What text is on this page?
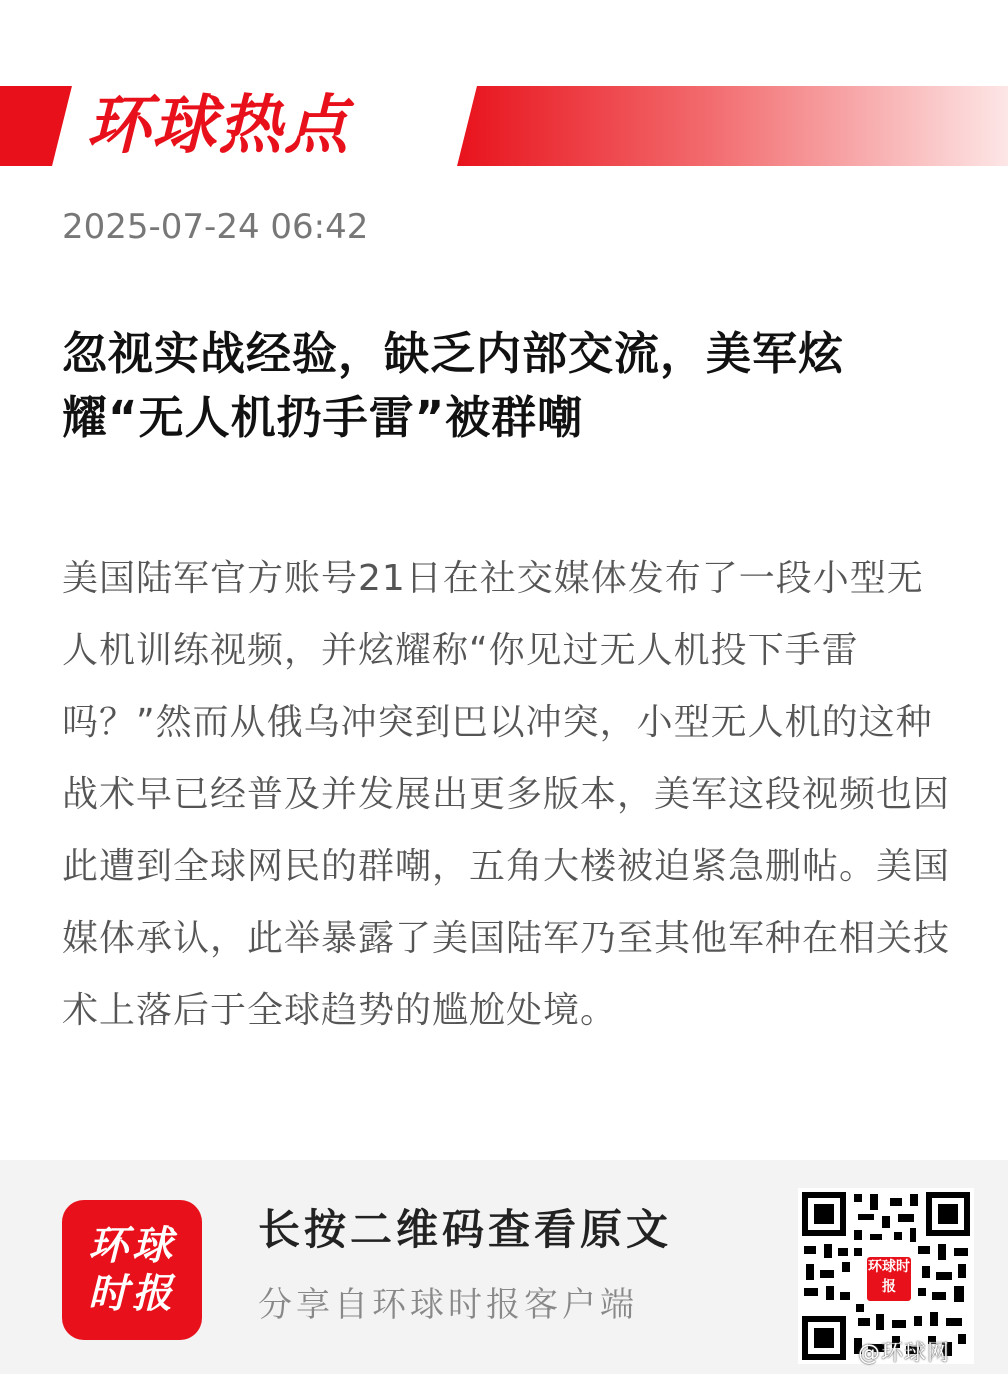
环球热点
2025-07-24 06:42
忽视实战经验，缺乏内部交流，美军炫耀“无人机扔手雷”被群嘲

美国陆军官方账号21日在社交媒体发布了一段小型无人机训练视频，并炫耀称“你见过无人机投下手雷吗？”然而从俄乌冲突到巴以冲突，小型无人机的这种战术早已经普及并发展出更多版本，美军这段视频也因此遭到全球网民的群嘲，五角大楼被迫紧急删帖。美国媒体承认，此举暴露了美国陆军乃至其他军种在相关技术上落后于全球趋势的尴尬处境。

环球时报
长按二维码查看原文
分享自环球时报客户端
环球时报
@环球网
